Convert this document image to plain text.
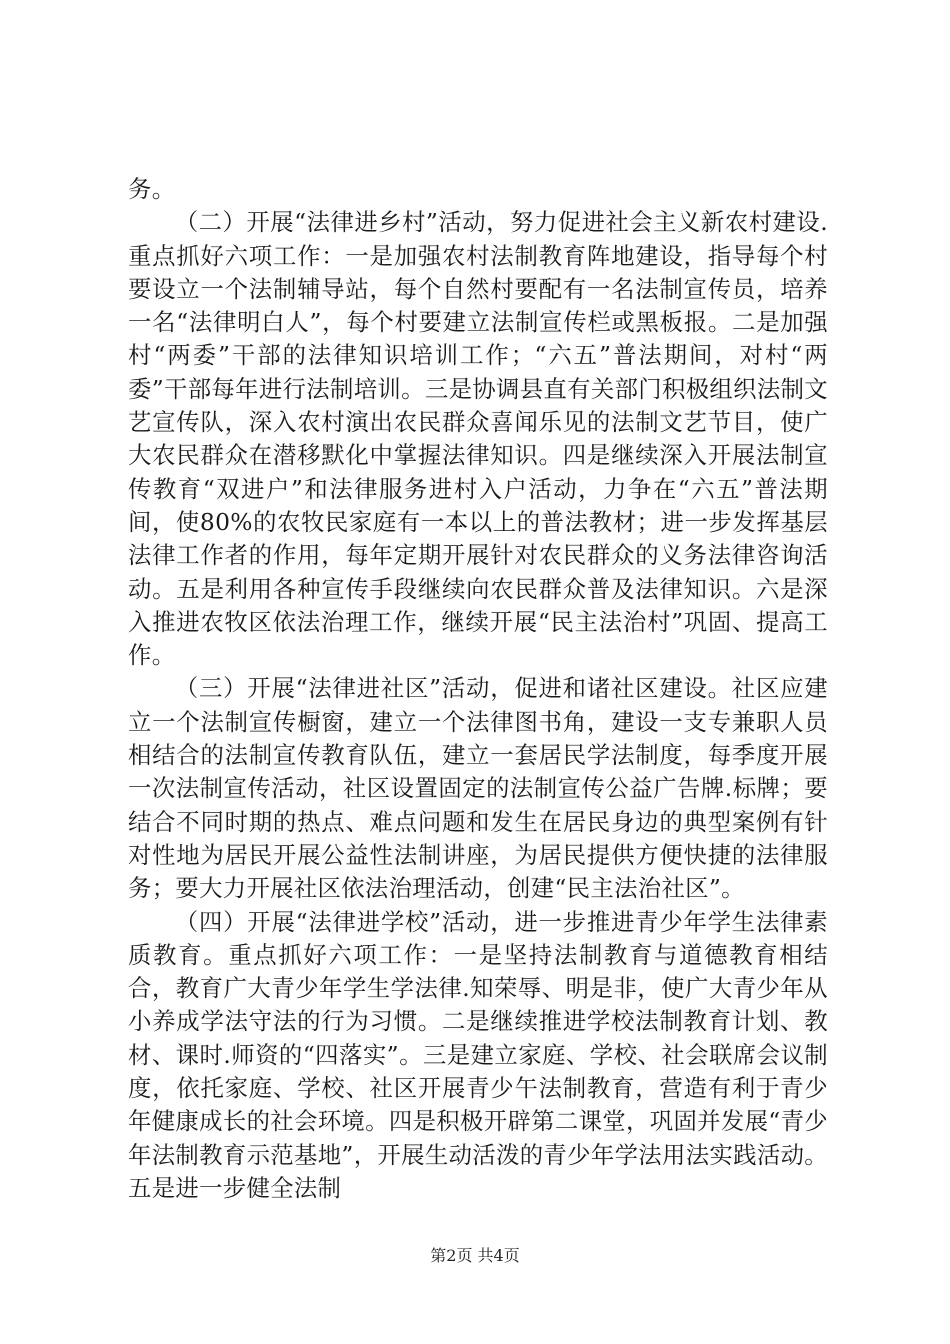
务。

（二）开展“法律进乡村”活动，努力促进社会主义新农村建设.重点抓好六项工作：一是加强农村法制教育阵地建设，指导每个村要设立一个法制辅导站，每个自然村要配有一名法制宣传员，培养一名“法律明白人”，每个村要建立法制宣传栏或黑板报。二是加强村“两委”干部的法律知识培训工作；“六五”普法期间，对村“两委”干部每年进行法制培训。三是协调县直有关部门积极组织法制文艺宣传队，深入农村演出农民群众喜闻乐见的法制文艺节目，使广大农民群众在潜移默化中掌握法律知识。四是继续深入开展法制宣传教育“双进户”和法律服务进村入户活动，力争在“六五”普法期间，使80%的农牧民家庭有一本以上的普法教材；进一步发挥基层法律工作者的作用，每年定期开展针对农民群众的义务法律咨询活动。五是利用各种宣传手段继续向农民群众普及法律知识。六是深入推进农牧区依法治理工作，继续开展“民主法治村”巩固、提高工作。

（三）开展“法律进社区”活动，促进和诸社区建设。社区应建立一个法制宣传橱窗，建立一个法律图书角，建设一支专兼职人员相结合的法制宣传教育队伍，建立一套居民学法制度，每季度开展一次法制宣传活动，社区设置固定的法制宣传公益广告牌.标牌；要结合不同时期的热点、难点问题和发生在居民身边的典型案例有针对性地为居民开展公益性法制讲座，为居民提供方便快捷的法律服务；要大力开展社区依法治理活动，创建“民主法治社区”。

（四）开展“法律进学校”活动，进一步推进青少年学生法律素质教育。重点抓好六项工作：一是坚持法制教育与道德教育相结合，教育广大青少年学生学法律.知荣辱、明是非，使广大青少年从小养成学法守法的行为习惯。二是继续推进学校法制教育计划、教材、课时.师资的“四落实”。三是建立家庭、学校、社会联席会议制度，依托家庭、学校、社区开展青少午法制教育，营造有利于青少年健康成长的社会环境。四是积极开辟第二课堂，巩固并发展“青少年法制教育示范基地”，开展生动活泼的青少年学法用法实践活动。五是进一步健全法制

第2页 共4页
